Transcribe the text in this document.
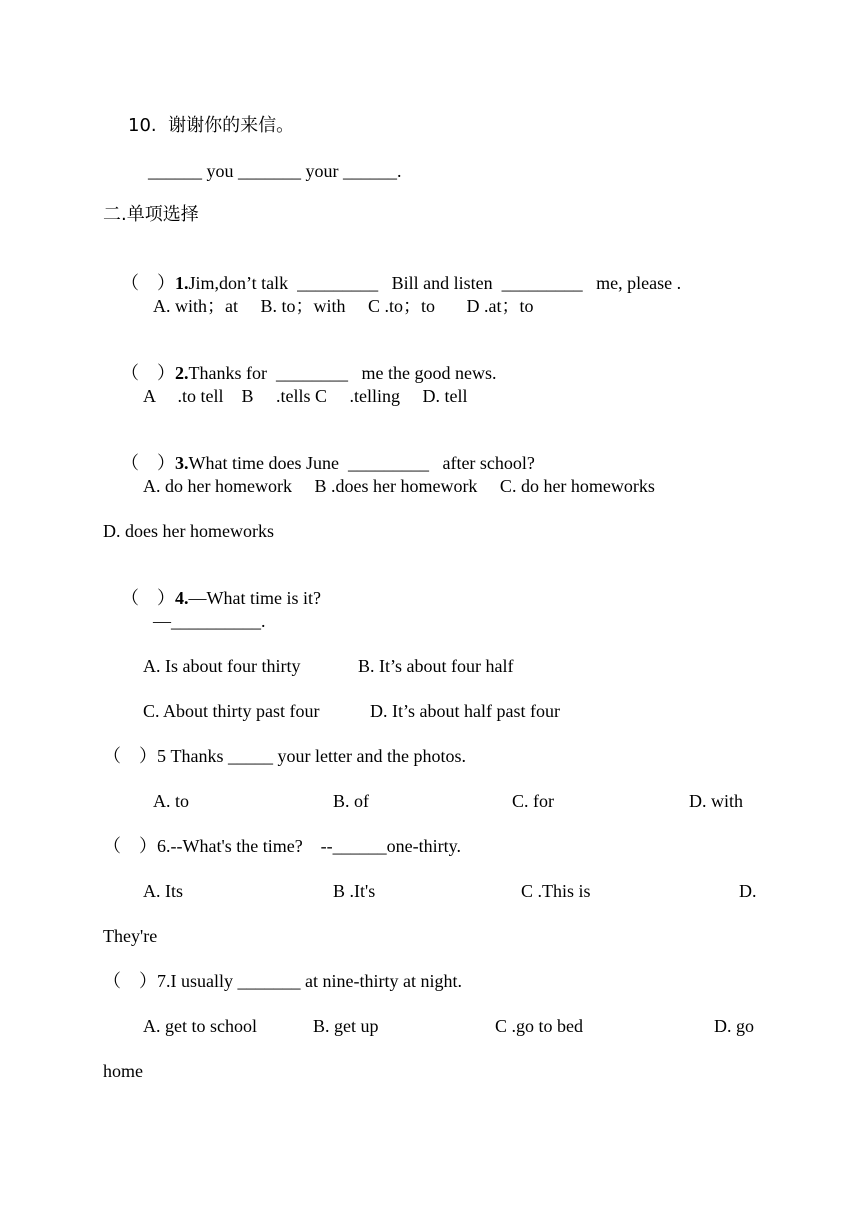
10.  谢谢你的来信。
______ you _______ your ______.
二.单项选择

（    ）1.Jim,don’t talk  _________   Bill and listen  _________   me, please .

A. with；at     B. to；with     C .to；to       D .at；to

（    ）2.Thanks for  ________   me the good news.

A     .to tell    B     .tells C     .telling     D. tell

（    ）3.What time does June  _________   after school?

A. do her homework     B .does her homework     C. do her homeworks
D. does her homeworks

（    ）4.—What time is it?

—__________.
A. Is about four thirty	B. It’s about four half
C. About thirty past four	D. It’s about half past four
（    ）5 Thanks _____ your letter and the photos.
A. to	B. of	C. for	D. with
（    ）6.--What's the time?    --______one-thirty.
A. Its	B .It's	C .This is	D.
They're
（    ）7.I usually _______ at nine-thirty at night.
A. get to school	B. get up	C .go to bed	D. go
home
